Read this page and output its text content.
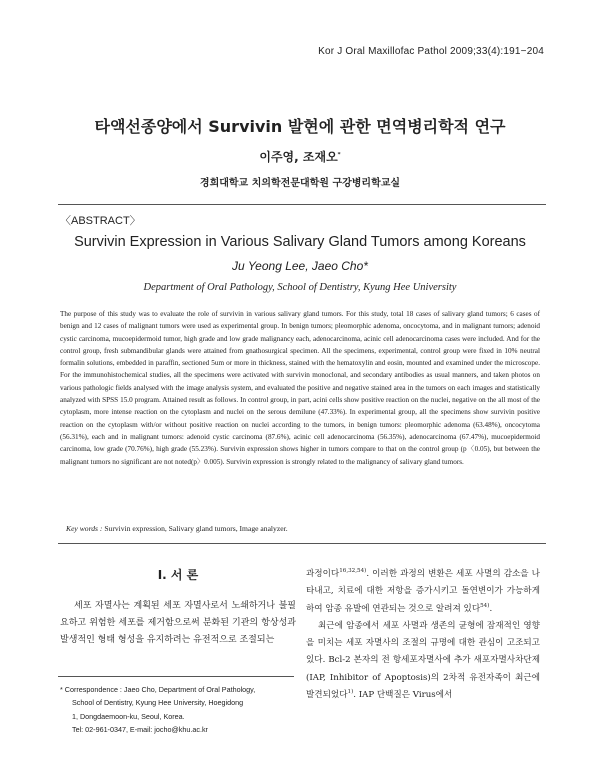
Kor J Oral Maxillofac Pathol 2009;33(4):191−204
타액선종양에서 Survivin 발현에 관한 면역병리학적 연구
이주영, 조재오*
경희대학교 치의학전문대학원 구강병리학교실
〈ABSTRACT〉
Survivin Expression in Various Salivary Gland Tumors among Koreans
Ju Yeong Lee, Jaeo Cho*
Department of Oral Pathology, School of Dentistry, Kyung Hee University
The purpose of this study was to evaluate the role of survivin in various salivary gland tumors. For this study, total 18 cases of salivary gland tumors; 6 cases of benign and 12 cases of malignant tumors were used as experimental group. In benign tumors; pleomorphic adenoma, oncocytoma, and in malignant tumors; adenoid cystic carcinoma, mucoepidermoid tumor, high grade and low grade malignancy each, adenocarcinoma, acinic cell adenocarcinoma cases were included. And for the control group, fresh submandibular glands were attained from gnathosurgical specimen. All the specimens, experimental, control group were fixed in 10% neutral formalin solutions, embedded in paraffin, sectioned 5um or more in thickness, stained with the hematoxylin and eosin, mounted and examined under the microscope. For the immunohistochemical studies, all the specimens were activated with survivin monoclonal, and secondary antibodies as usual manners, and taken photos on various pathologic fields analysed with the image analysis system, and evaluated the positive and negative stained area in the tumors on each images and statistically analyzed with SPSS 15.0 program. Attained result as follows. In control group, in part, acini cells show positive reaction on the nuclei, negative on the all most of the cytoplasm, more intense reaction on the cytoplasm and nuclei on the serous demilune (47.33%). In experimental group, all the specimens show survivin positive reaction on the cytoplasm with/or without positive reaction on nuclei according to the tumors, in benign tumors: pleomorphic adenoma (63.48%), oncocytoma (56.31%), each and in malignant tumors: adenoid cystic carcinoma (87.6%), acinic cell adenocarcinoma (56.35%), adenocarcinoma (67.47%), mucoepidermoid carcinoma, low grade (70.76%), high grade (55.23%). Survivin expression shows higher in tumors compare to that on the control group (p〈0.05), but between the malignant tumors no significant are not noted(p〉0.005). Survivin expression is strongly related to the malignancy of salivary gland tumors.
Key words : Survivin expression, Salivary gland tumors, Image analyzer.
I. 서 론
세포 자멸사는 계획된 세포 자멸사로서 노쇄하거나 불필요하고 위험한 세포를 제거함으로써 분화된 기관의 항상성과 발생적인 형태 형성을 유지하려는 유전적으로 조절되는
* Correspondence : Jaeo Cho, Department of Oral Pathology,
School of Dentistry, Kyung Hee University, Hoegidong
1, Dongdaemoon-ku, Seoul, Korea.
Tel: 02-961-0347, E-mail: jocho@khu.ac.kr

과정이다$^{16,32,54)}$. 이러한 과정의 변환은 세포 사멸의 감소을 나타내고, 치료에 대한 저항을 증가시키고 돌연변이가 가능하게 하여 암종 유발에 연관되는 것으로 알려져 있다$^{54)}$.

최근에 암종에서 세포 사멸과 생존의 균형에 잠재적인 영향을 미치는 세포 자멸사의 조절의 규명에 대한 관심이 고조되고 있다. Bcl-2 본자의 전 항세포자멸사에 추가 새포자멸사차단제(IAP, Inhibitor of Apoptosis)의 2차적 유전자족이 최근에 발견되었다$^{1)}$. IAP 단백질은 Virus에서
